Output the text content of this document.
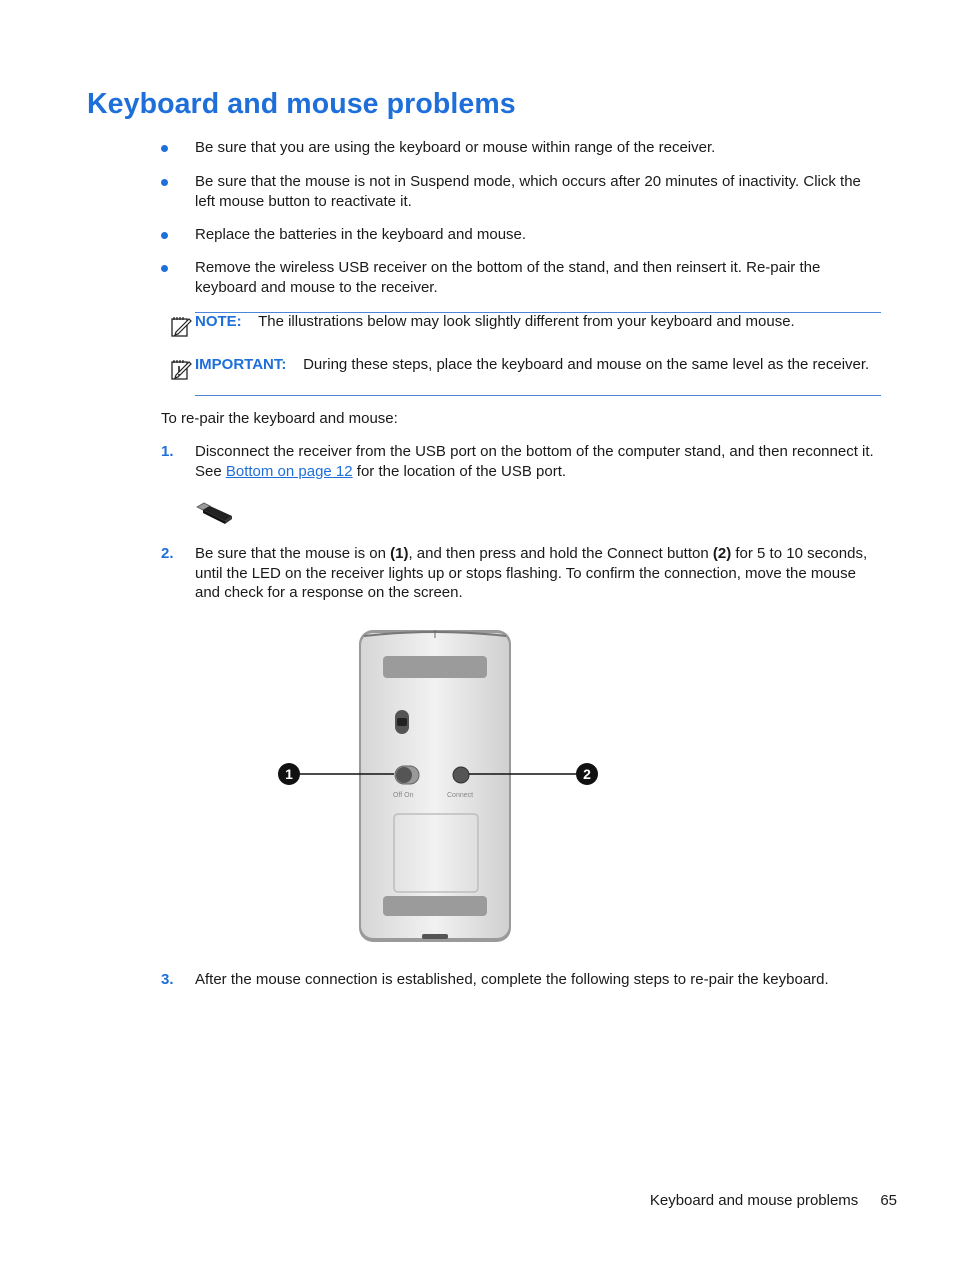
Keyboard and mouse problems
Be sure that you are using the keyboard or mouse within range of the receiver.
Be sure that the mouse is not in Suspend mode, which occurs after 20 minutes of inactivity. Click the left mouse button to reactivate it.
Replace the batteries in the keyboard and mouse.
Remove the wireless USB receiver on the bottom of the stand, and then reinsert it. Re-pair the keyboard and mouse to the receiver.
NOTE: The illustrations below may look slightly different from your keyboard and mouse.
IMPORTANT: During these steps, place the keyboard and mouse on the same level as the receiver.
To re-pair the keyboard and mouse:
1. Disconnect the receiver from the USB port on the bottom of the computer stand, and then reconnect it. See Bottom on page 12 for the location of the USB port.
2. Be sure that the mouse is on (1), and then press and hold the Connect button (2) for 5 to 10 seconds, until the LED on the receiver lights up or stops flashing. To confirm the connection, move the mouse and check for a response on the screen.
Off On	Connect
1	2
3. After the mouse connection is established, complete the following steps to re-pair the keyboard.
Keyboard and mouse problems 65
